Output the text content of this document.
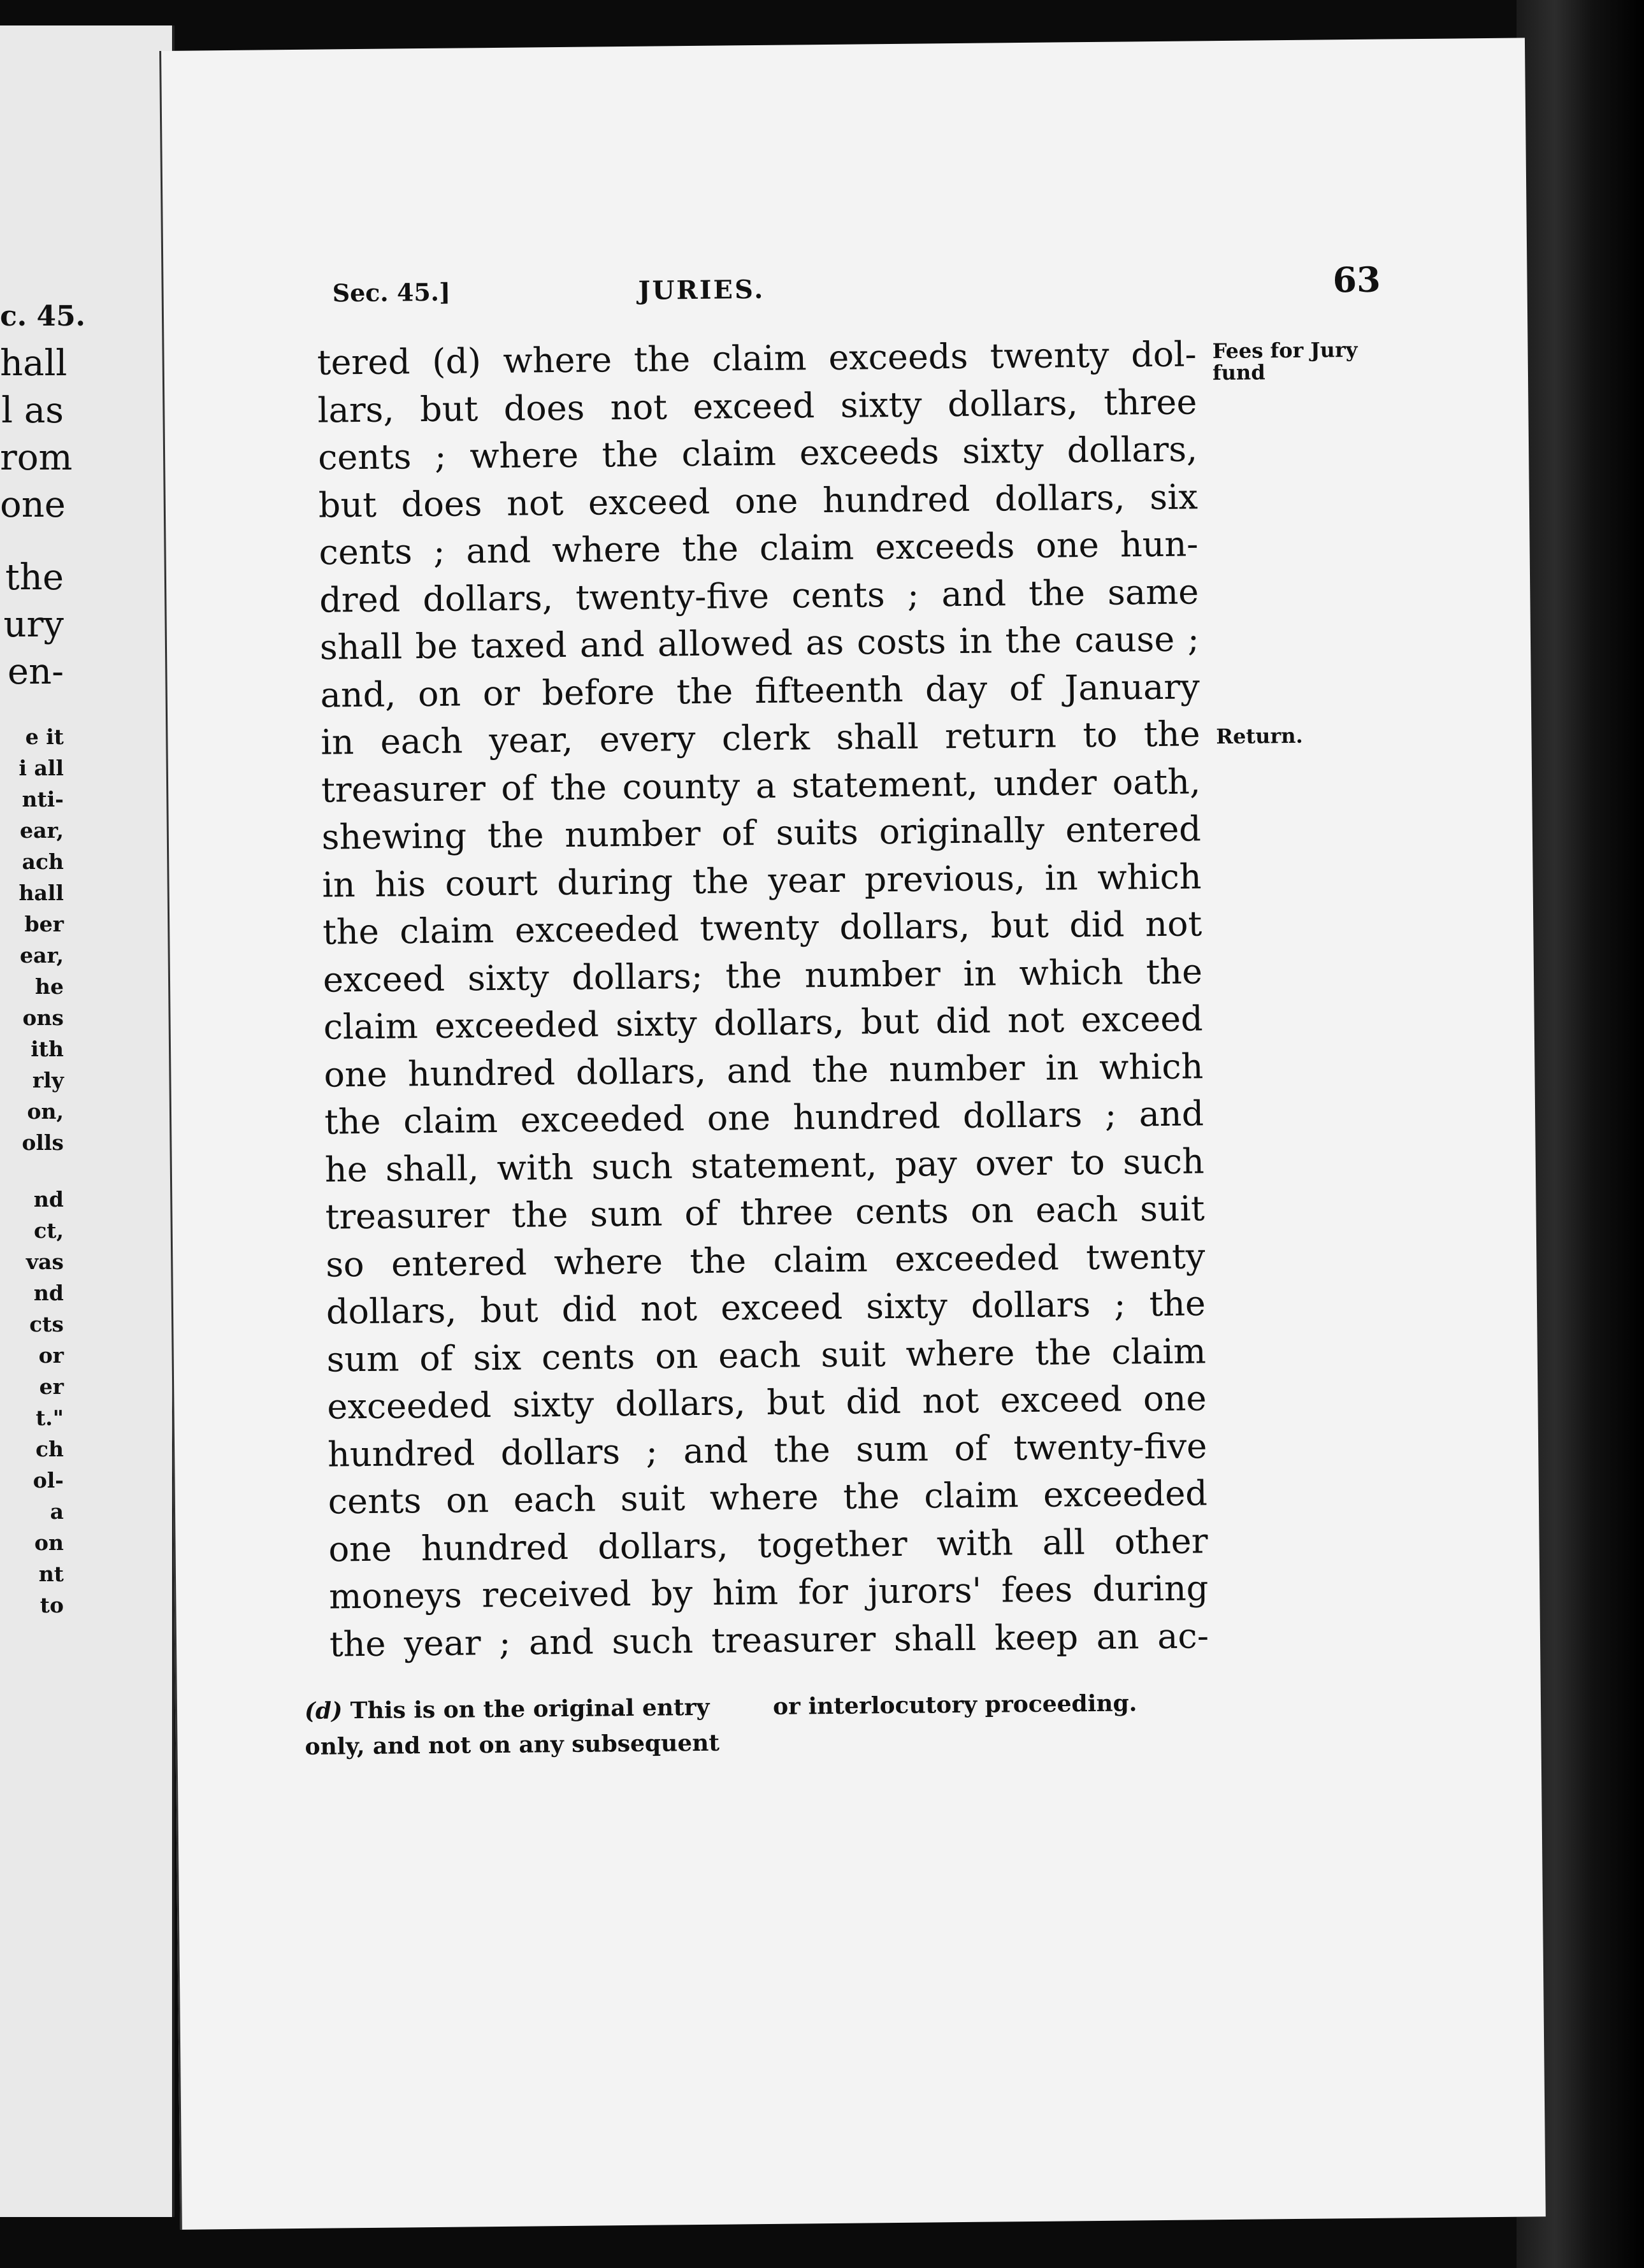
c. 45.
hall
l as
rom
one
the
ury
en-
e it
i all
nti-
ear,
ach
hall
ber
ear,
he
ons
ith
rly
on,
olls
nd
ct,
vas
nd
cts
or
er
t."
ch
ol-
a
on
nt
to
Sec. 45.]	JURIES.	63
Fees for Jury fund
Return.
tered (d) where the claim exceeds twenty dol-
lars, but does not exceed sixty dollars, three
cents ; where the claim exceeds sixty dollars,
but does not exceed one hundred dollars, six
cents ; and where the claim exceeds one hun-
dred dollars, twenty-five cents ; and the same
shall be taxed and allowed as costs in the cause ;
and, on or before the fifteenth day of January
in each year, every clerk shall return to the
treasurer of the county a statement, under oath,
shewing the number of suits originally entered
in his court during the year previous, in which
the claim exceeded twenty dollars, but did not
exceed sixty dollars; the number in which the
claim exceeded sixty dollars, but did not exceed
one hundred dollars, and the number in which
the claim exceeded one hundred dollars ; and
he shall, with such statement, pay over to such
treasurer the sum of three cents on each suit
so entered where the claim exceeded twenty
dollars, but did not exceed sixty dollars ; the
sum of six cents on each suit where the claim
exceeded sixty dollars, but did not exceed one
hundred dollars ; and the sum of twenty-five
cents on each suit where the claim exceeded
one hundred dollars, together with all other
moneys received by him for jurors' fees during
the year ; and such treasurer shall keep an ac-
(d) This is on the original entry only, and not on any subsequent
or interlocutory proceeding.
